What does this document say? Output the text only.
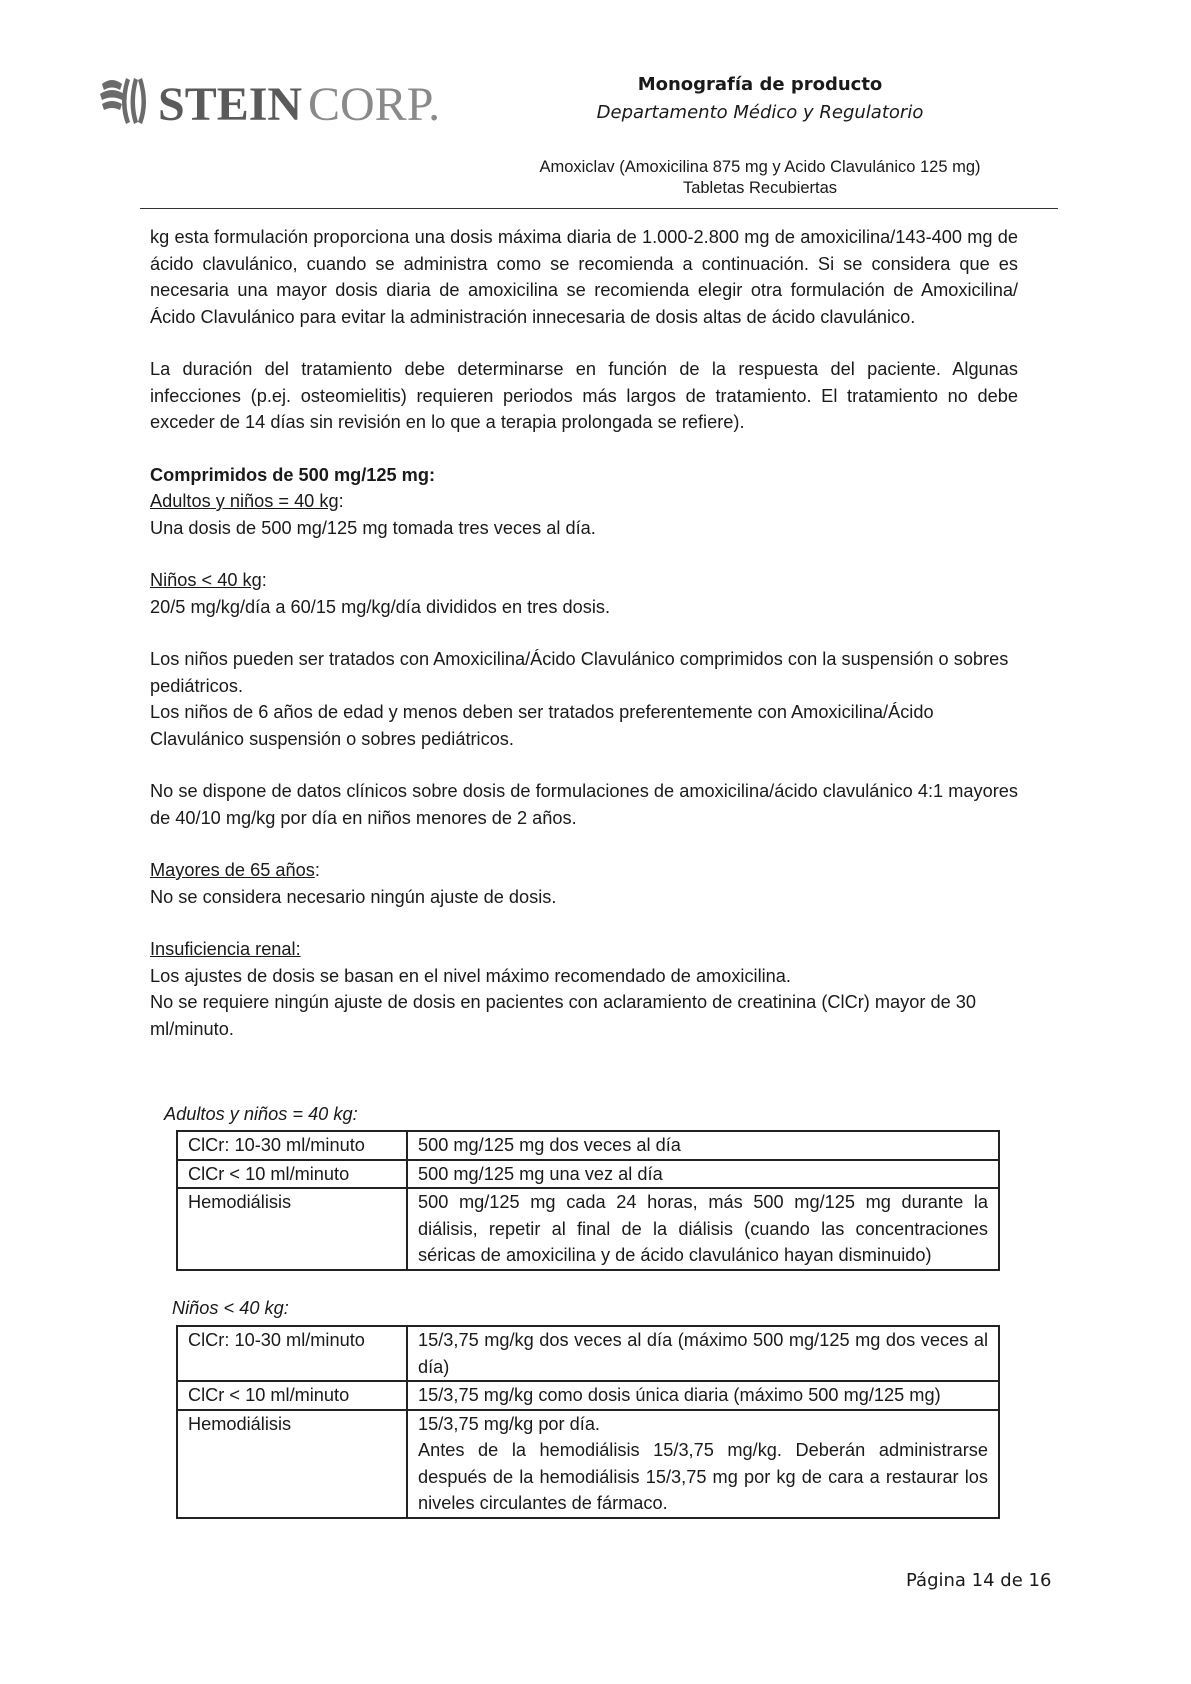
STEIN CORP.	Monografía de producto
Departamento Médico y Regulatorio
Amoxiclav (Amoxicilina 875 mg y Acido Clavulánico 125 mg)
Tabletas Recubiertas

kg esta formulación proporciona una dosis máxima diaria de 1.000-2.800 mg de amoxicilina/143-400 mg de ácido clavulánico, cuando se administra como se recomienda a continuación. Si se considera que es necesaria una mayor dosis diaria de amoxicilina se recomienda elegir otra formulación de Amoxicilina/Ácido Clavulánico para evitar la administración innecesaria de dosis altas de ácido clavulánico.

La duración del tratamiento debe determinarse en función de la respuesta del paciente. Algunas infecciones (p.ej. osteomielitis) requieren periodos más largos de tratamiento. El tratamiento no debe exceder de 14 días sin revisión en lo que a terapia prolongada se refiere).

Comprimidos de 500 mg/125 mg:

Adultos y niños = 40 kg:

Una dosis de 500 mg/125 mg tomada tres veces al día.

Niños < 40 kg:

20/5 mg/kg/día a 60/15 mg/kg/día divididos en tres dosis.

Los niños pueden ser tratados con Amoxicilina/Ácido Clavulánico comprimidos con la suspensión o sobres pediátricos.

Los niños de 6 años de edad y menos deben ser tratados preferentemente con Amoxicilina/Ácido Clavulánico suspensión o sobres pediátricos.

No se dispone de datos clínicos sobre dosis de formulaciones de amoxicilina/ácido clavulánico 4:1 mayores de 40/10 mg/kg por día en niños menores de 2 años.

Mayores de 65 años:

No se considera necesario ningún ajuste de dosis.

Insuficiencia renal:

Los ajustes de dosis se basan en el nivel máximo recomendado de amoxicilina.

No se requiere ningún ajuste de dosis en pacientes con aclaramiento de creatinina (ClCr) mayor de 30 ml/minuto.

Adultos y niños = 40 kg:
ClCr: 10-30 ml/minuto	500 mg/125 mg dos veces al día
ClCr < 10 ml/minuto	500 mg/125 mg una vez al día
Hemodiálisis	500 mg/125 mg cada 24 horas, más 500 mg/125 mg durante la diálisis, repetir al final de la diálisis (cuando las concentraciones séricas de amoxicilina y de ácido clavulánico hayan disminuido)
Niños < 40 kg:
ClCr: 10-30 ml/minuto	15/3,75 mg/kg dos veces al día (máximo 500 mg/125 mg dos veces al día)
ClCr < 10 ml/minuto	15/3,75 mg/kg como dosis única diaria (máximo 500 mg/125 mg)
Hemodiálisis	15/3,75 mg/kg por día.
Antes de la hemodiálisis 15/3,75 mg/kg. Deberán administrarse después de la hemodiálisis 15/3,75 mg por kg de cara a restaurar los niveles circulantes de fármaco.
Página 14 de 16
